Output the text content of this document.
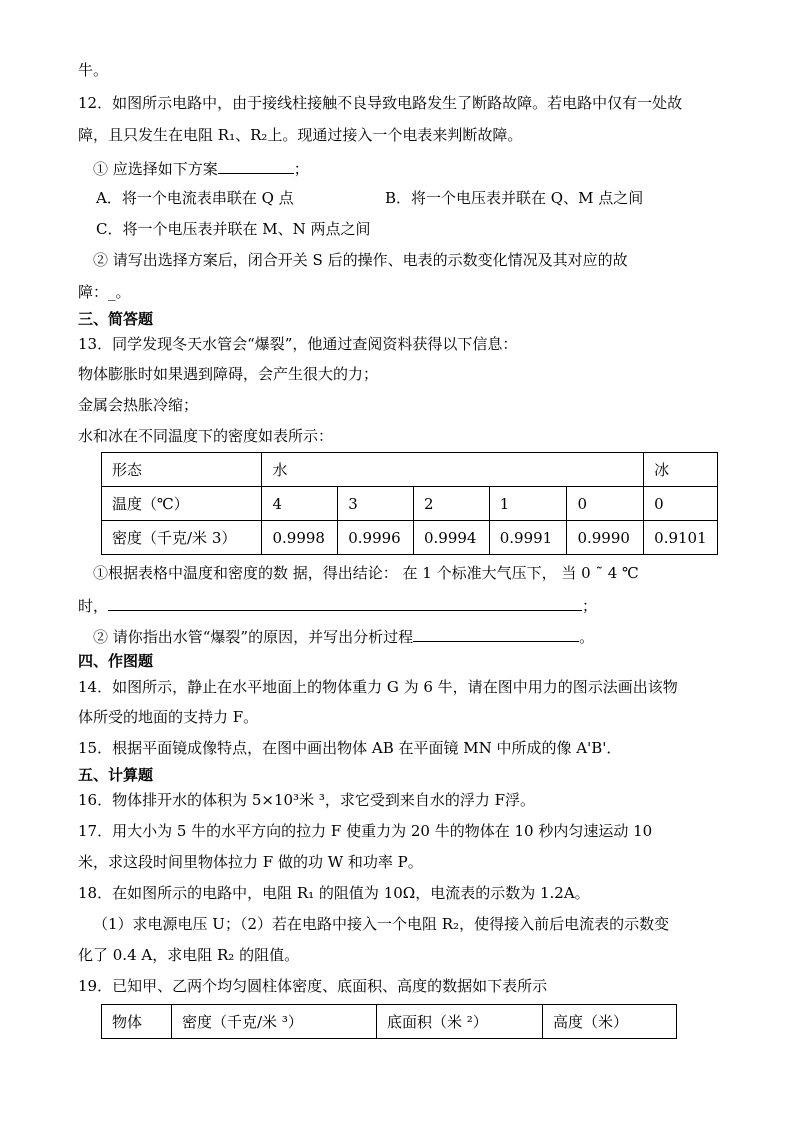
牛。
12．如图所示电路中，由于接线柱接触不良导致电路发生了断路故障。若电路中仅有一处故
障，且只发生在电阻 R₁、R₂上。现通过接入一个电表来判断故障。
① 应选择如下方案	；
A．将一个电流表串联在 Q 点	B．将一个电压表并联在 Q、M 点之间
C．将一个电压表并联在 M、N 两点之间
② 请写出选择方案后，闭合开关 S 后的操作、电表的示数变化情况及其对应的故
障：_。
三、简答题
13．同学发现冬天水管会“爆裂”，他通过查阅资料获得以下信息：
物体膨胀时如果遇到障碍，会产生很大的力；
金属会热胀冷缩；
水和冰在不同温度下的密度如表所示：
形态	水					冰
温度（℃）	4	3	2	1	0	0
密度（千克/米 3）	0.9998	0.9996	0.9994	0.9991	0.9990	0.9101
①根据表格中温度和密度的数 据，得出结论： 在 1 个标准大气压下， 当 0 ˜ 4 ℃
时，	；
② 请你指出水管“爆裂”的原因，并写出分析过程	。
四、作图题
14．如图所示，静止在水平地面上的物体重力 G 为 6 牛，请在图中用力的图示法画出该物
体所受的地面的支持力 F。
15．根据平面镜成像特点，在图中画出物体 AB 在平面镜 MN 中所成的像 A'B'．
五、计算题
16．物体排开水的体积为 5×10³米 ³，求它受到来自水的浮力 F浮。
17．用大小为 5 牛的水平方向的拉力 F 使重力为 20 牛的物体在 10 秒内匀速运动 10
米，求这段时间里物体拉力 F 做的功 W 和功率 P。
18．在如图所示的电路中，电阻 R₁ 的阻值为 10Ω，电流表的示数为 1.2A。
（1）求电源电压 U；（2）若在电路中接入一个电阻 R₂，使得接入前后电流表的示数变
化了 0.4 A，求电阻 R₂ 的阻值。
19．已知甲、乙两个均匀圆柱体密度、底面积、高度的数据如下表所示
物体	密度（千克/米 ³）	底面积（米 ²）	高度（米）
